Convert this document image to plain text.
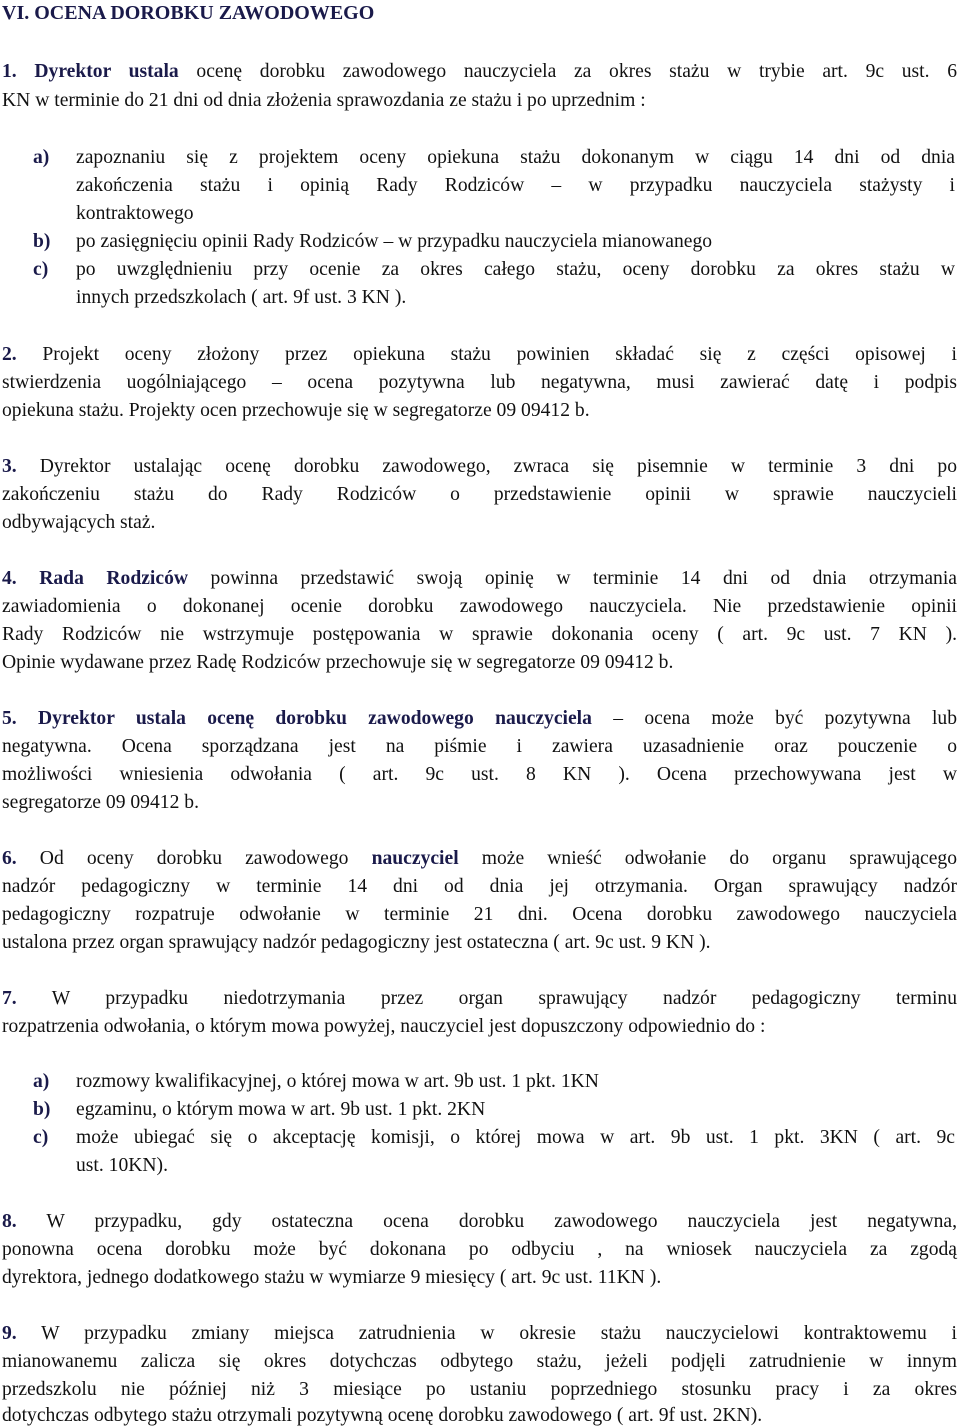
VI. OCENA DOROBKU ZAWODOWEGO
1. Dyrektor ustala ocenę dorobku zawodowego nauczyciela za okres stażu w trybie art. 9c ust. 6
KN w terminie do 21 dni od dnia złożenia sprawozdania ze stażu i po uprzednim :
a) zapoznaniu się z projektem oceny opiekuna stażu dokonanym w ciągu 14 dni od dnia
zakończenia stażu i opinią Rady Rodziców – w przypadku nauczyciela stażysty i
kontraktowego
b) po zasięgnięciu opinii Rady Rodziców – w przypadku nauczyciela mianowanego
c) po uwzględnieniu przy ocenie za okres całego stażu, oceny dorobku za okres stażu w
innych przedszkolach ( art. 9f ust. 3 KN ).
2. Projekt oceny złożony przez opiekuna stażu powinien składać się z części opisowej i
stwierdzenia uogólniającego – ocena pozytywna lub negatywna, musi zawierać datę i podpis
opiekuna stażu. Projekty ocen przechowuje się w segregatorze 09 09412 b.
3. Dyrektor ustalając ocenę dorobku zawodowego, zwraca się pisemnie w terminie 3 dni po
zakończeniu stażu do Rady Rodziców o przedstawienie opinii w sprawie nauczycieli
odbywających staż.
4. Rada Rodziców powinna przedstawić swoją opinię w terminie 14 dni od dnia otrzymania
zawiadomienia o dokonanej ocenie dorobku zawodowego nauczyciela. Nie przedstawienie opinii
Rady Rodziców nie wstrzymuje postępowania w sprawie dokonania oceny ( art. 9c ust. 7 KN ).
Opinie wydawane przez Radę Rodziców przechowuje się w segregatorze 09 09412 b.
5. Dyrektor ustala ocenę dorobku zawodowego nauczyciela – ocena może być pozytywna lub
negatywna. Ocena sporządzana jest na piśmie i zawiera uzasadnienie oraz pouczenie o
możliwości wniesienia odwołania ( art. 9c ust. 8 KN ). Ocena przechowywana jest w
segregatorze 09 09412 b.
6. Od oceny dorobku zawodowego nauczyciel może wnieść odwołanie do organu sprawującego
nadzór pedagogiczny w terminie 14 dni od dnia jej otrzymania. Organ sprawujący nadzór
pedagogiczny rozpatruje odwołanie w terminie 21 dni. Ocena dorobku zawodowego nauczyciela
ustalona przez organ sprawujący nadzór pedagogiczny jest ostateczna ( art. 9c ust. 9 KN ).
7. W przypadku niedotrzymania przez organ sprawujący nadzór pedagogiczny terminu
rozpatrzenia odwołania, o którym mowa powyżej, nauczyciel jest dopuszczony odpowiednio do :
a) rozmowy kwalifikacyjnej, o której mowa w art. 9b ust. 1 pkt. 1KN
b) egzaminu, o którym mowa w art. 9b ust. 1 pkt. 2KN
c) może ubiegać się o akceptację komisji, o której mowa w art. 9b ust. 1 pkt. 3KN ( art. 9c
ust. 10KN).
8. W przypadku, gdy ostateczna ocena dorobku zawodowego nauczyciela jest negatywna,
ponowna ocena dorobku może być dokonana po odbyciu , na wniosek nauczyciela za zgodą
dyrektora, jednego dodatkowego stażu w wymiarze 9 miesięcy ( art. 9c ust. 11KN ).
9. W przypadku zmiany miejsca zatrudnienia w okresie stażu nauczycielowi kontraktowemu i
mianowanemu zalicza się okres dotychczas odbytego stażu, jeżeli podjęli zatrudnienie w innym
przedszkolu nie później niż 3 miesiące po ustaniu poprzedniego stosunku pracy i za okres
dotychczas odbytego stażu otrzymali pozytywną ocenę dorobku zawodowego ( art. 9f ust. 2KN).
